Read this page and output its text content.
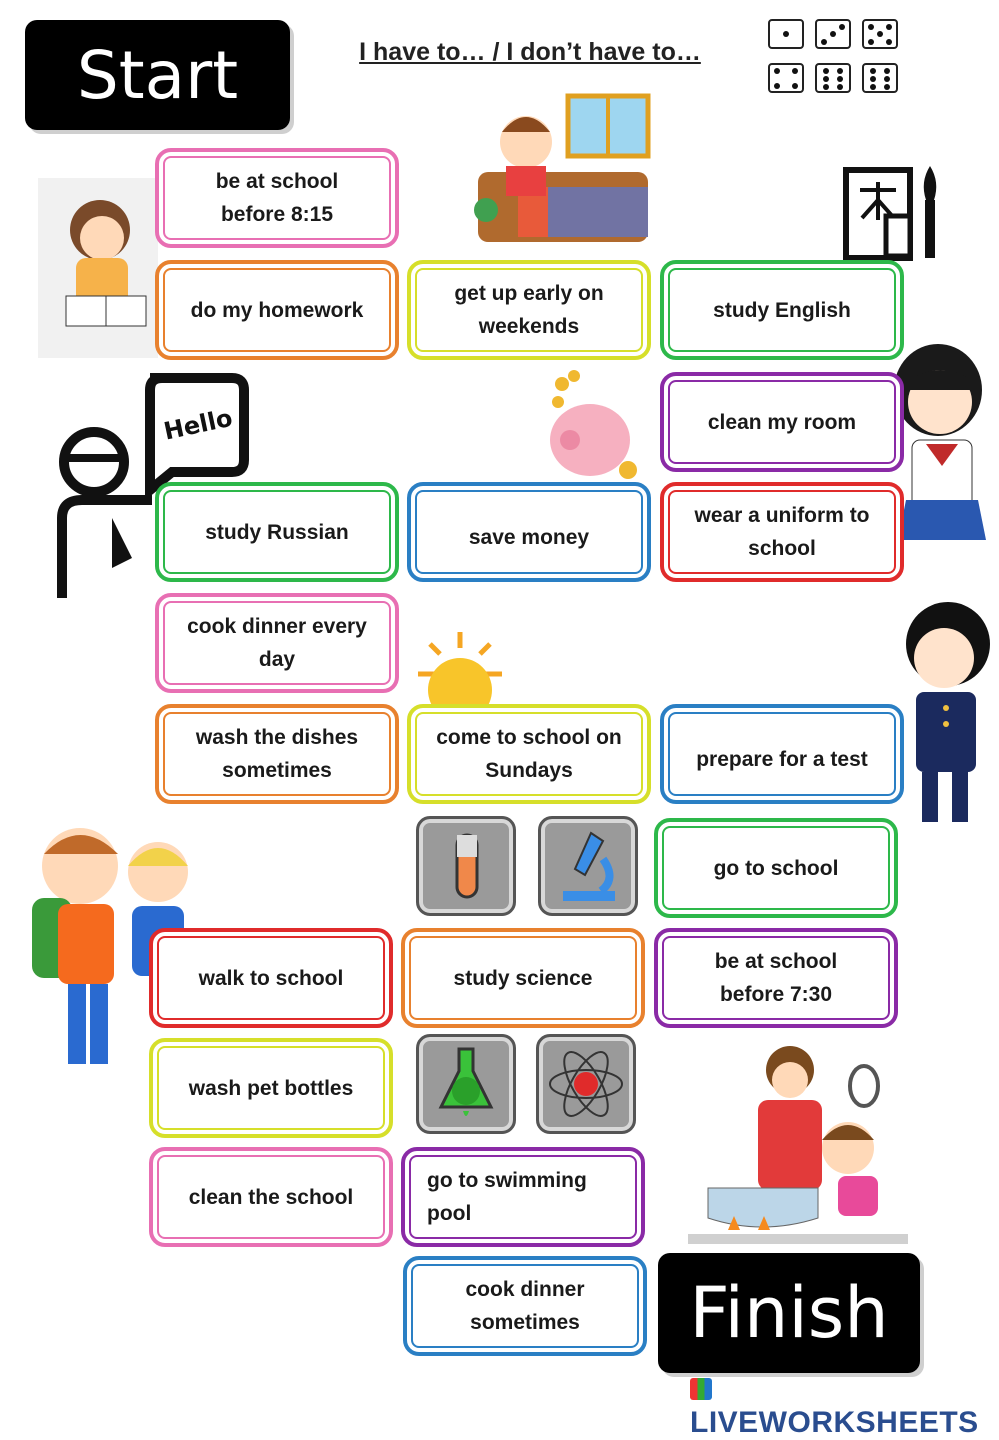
Start	I have to… / I don’t have to…
Hello
be at school before 8:15
do my homework
get up early on weekends
study English
clean my room
study Russian	save money
wear a uniform to school
cook dinner every day
wash the dishes sometimes
come to school on Sundays	prepare for a test
go to school
walk to school	study science
be at school before 7:30
wash pet bottles
clean the school
go to swimming pool
cook dinner sometimes	Finish
LIVEWORKSHEETS
